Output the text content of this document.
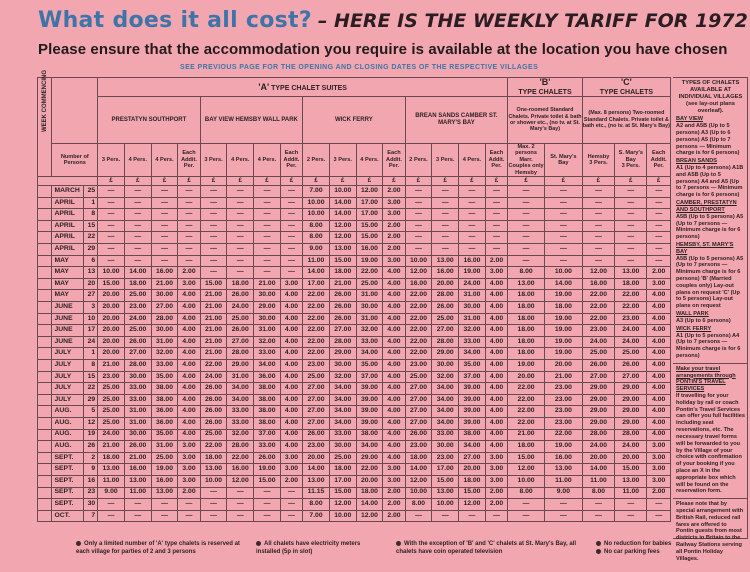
What does it all cost? – HERE IS THE WEEKLY TARIFF FOR 1972
Please ensure that the accommodation you require is available at the location you have chosen
SEE PREVIOUS PAGE FOR THE OPENING AND CLOSING DATES OF THE RESPECTIVE VILLAGES
WEEK COMMENCING			'A' TYPE CHALET SUITES																'B'
TYPE CHALETS		'C'
TYPE CHALETS		
			PRESTATYN SOUTHPORT				BAY VIEW HEMSBY WALL PARK				WICK FERRY				BREAN SANDS CAMBER ST. MARY'S BAY				One-roomed Standard Chalets. Private toilet & bath or shower etc., (no tv. at St. Mary's Bay)		(Max. 8 persons) Two-roomed Standard Chalets. Private toilet & bath etc., (no tv. at St. Mary's Bay)		
	Number of Persons		3 Pers.	4 Pers.	4 Pers.	Each Addit. Per.	3 Pers.	4 Pers.	4 Pers.	Each Addit. Per.	2 Pers.	3 Pers.	4 Pers.	Each Addit. Per.	2 Pers.	3 Pers.	4 Pers.	Each Addit. Per.	Max. 2 persons Marr. Couples only
Hemsby	St. Mary's Bay	Hemsby
3 Pers.	S. Mary's Bay
3 Pers.	Each Addit. Per.
			£	£	£	£	£	£	£	£	£	£	£	£	£	£	£	£	£	£	£	£	£
	MARCH	25	—	—	—	—	—	—	—	—	7.00	10.00	12.00	2.00	—	—	—	—	—	—	—	—	—
	APRIL	1	—	—	—	—	—	—	—	—	10.00	14.00	17.00	3.00	—	—	—	—	—	—	—	—	—
	APRIL	8	—	—	—	—	—	—	—	—	10.00	14.00	17.00	3.00	—	—	—	—	—	—	—	—	—
	APRIL	15	—	—	—	—	—	—	—	—	8.00	12.00	15.00	2.00	—	—	—	—	—	—	—	—	—
	APRIL	22	—	—	—	—	—	—	—	—	8.00	12.00	15.00	2.00	—	—	—	—	—	—	—	—	—
	APRIL	29	—	—	—	—	—	—	—	—	9.00	13.00	16.00	2.00	—	—	—	—	—	—	—	—	—
	MAY	6	—	—	—	—	—	—	—	—	11.00	15.00	19.00	3.00	10.00	13.00	16.00	2.00	—	—	—	—	—
	MAY	13	10.00	14.00	16.00	2.00	—	—	—	—	14.00	18.00	22.00	4.00	12.00	16.00	19.00	3.00	8.00	10.00	12.00	13.00	2.00
	MAY	20	15.00	18.00	21.00	3.00	15.00	18.00	21.00	3.00	17.00	21.00	25.00	4.00	16.00	20.00	24.00	4.00	13.00	14.00	16.00	18.00	3.00
	MAY	27	20.00	25.00	30.00	4.00	21.00	26.00	30.00	4.00	22.00	26.00	31.00	4.00	22.00	28.00	31.00	4.00	18.00	19.00	22.00	22.00	4.00
	JUNE	3	20.00	23.00	27.00	4.00	21.00	24.00	29.00	4.00	22.00	26.00	30.00	4.00	22.00	26.00	30.00	4.00	18.00	18.00	22.00	22.00	4.00
	JUNE	10	20.00	24.00	28.00	4.00	21.00	25.00	30.00	4.00	22.00	26.00	31.00	4.00	22.00	25.00	31.00	4.00	18.00	19.00	22.00	23.00	4.00
	JUNE	17	20.00	25.00	30.00	4.00	21.00	26.00	31.00	4.00	22.00	27.00	32.00	4.00	22.00	27.00	32.00	4.00	18.00	19.00	23.00	24.00	4.00
	JUNE	24	20.00	26.00	31.00	4.00	21.00	27.00	32.00	4.00	22.00	28.00	33.00	4.00	22.00	28.00	33.00	4.00	18.00	19.00	24.00	24.00	4.00
	JULY	1	20.00	27.00	32.00	4.00	21.00	28.00	33.00	4.00	22.00	29.00	34.00	4.00	22.00	29.00	34.00	4.00	18.00	19.00	25.00	25.00	4.00
	JULY	8	21.00	28.00	33.00	4.00	22.00	29.00	34.00	4.00	23.00	30.00	35.00	4.00	23.00	30.00	35.00	4.00	19.00	20.00	26.00	26.00	4.00
	JULY	15	23.00	30.00	35.00	4.00	24.00	31.00	36.00	4.00	25.00	32.00	37.00	4.00	25.00	32.00	37.00	4.00	20.00	21.00	27.00	27.00	4.00
	JULY	22	25.00	33.00	38.00	4.00	26.00	34.00	38.00	4.00	27.00	34.00	39.00	4.00	27.00	34.00	39.00	4.00	22.00	23.00	29.00	29.00	4.00
	JULY	29	25.00	33.00	38.00	4.00	26.00	34.00	38.00	4.00	27.00	34.00	39.00	4.00	27.00	34.00	39.00	4.00	22.00	23.00	29.00	29.00	4.00
	AUG.	5	25.00	31.00	36.00	4.00	26.00	33.00	38.00	4.00	27.00	34.00	39.00	4.00	27.00	34.00	39.00	4.00	22.00	23.00	29.00	29.00	4.00
	AUG.	12	25.00	31.00	36.00	4.00	26.00	33.00	38.00	4.00	27.00	34.00	39.00	4.00	27.00	34.00	39.00	4.00	22.00	23.00	29.00	29.00	4.00
	AUG.	19	24.00	30.00	35.00	4.00	25.00	32.00	37.00	4.00	26.00	33.00	38.00	4.00	26.00	33.00	38.00	4.00	21.00	22.00	28.00	28.00	4.00
	AUG.	26	21.00	26.00	31.00	3.00	22.00	28.00	33.00	4.00	23.00	30.00	34.00	4.00	23.00	30.00	34.00	4.00	18.00	19.00	24.00	24.00	3.00
	SEPT.	2	18.00	21.00	25.00	3.00	18.00	22.00	26.00	3.00	20.00	25.00	29.00	4.00	18.00	23.00	27.00	3.00	15.00	16.00	20.00	20.00	3.00
	SEPT.	9	13.00	16.00	19.00	3.00	13.00	16.00	19.00	3.00	14.00	18.00	22.00	3.00	14.00	17.00	20.00	3.00	12.00	13.00	14.00	15.00	3.00
	SEPT.	16	11.00	13.00	16.00	3.00	10.00	12.00	15.00	2.00	13.00	17.00	20.00	3.00	12.00	15.00	18.00	3.00	10.00	11.00	11.00	13.00	3.00
	SEPT.	23	9.00	11.00	13.00	2.00	—	—	—	—	11.15	15.00	18.00	2.00	10.00	13.00	15.00	2.00	8.00	9.00	8.00	11.00	2.00
	SEPT.	30	—	—	—	—	—	—	—	—	8.00	12.00	14.00	2.00	8.00	10.00	12.00	2.00	—	—	—	—	—
	OCT.	7	—	—	—	—	—	—	—	—	7.00	10.00	12.00	2.00	—	—	—	—	—	—	—	—	—
TYPES OF CHALETS AVAILABLE AT INDIVIDUAL VILLAGES (see lay-out plans overleaf).
BAY VIEW
A2 and A5B (Up to 5 persons) A3 (Up to 6 persons) A5 (Up to 7 persons — Minimum charge is for 6 persons)
BREAN SANDS
A1 (Up to 4 persons) A1B and A5B (Up to 5 persons) A4 and A5 (Up to 7 persons — Minimum charge is for 6 persons)
CAMBER, PRESTATYN AND SOUTHPORT
A5B (Up to 5 persons) A5 (Up to 7 persons — Minimum charge is for 6 persons)
HEMSBY, ST. MARY'S BAY
A5B (Up to 5 persons) A5 (Up to 7 persons — Minimum charge is for 6 persons) 'B' (Married couples only) Lay-out plans on request 'C' (Up to 5 persons) Lay-out plans on request
WALL PARK
A3 (Up to 6 persons)
WICK FERRY
A1 (Up to 5 persons) A4 (Up to 7 persons — Minimum charge is for 6 persons)
Make your travel arrangements through PONTIN'S TRAVEL SERVICES
If travelling for your holiday by rail or coach Pontin's Travel Services can offer you full facilities including seat reservations, etc. The necessary travel forms will be forwarded to you by the Village of your choice with confirmation of your booking if you place an X in the appropriate box which will be found on the reservation form.
Please note that by special arrangement with British Rail, reduced rail fares are offered to Pontin guests from most districts in Britain to the Railway Stations serving all Pontin Holiday Villages.
Only a limited number of 'A' type chalets is reserved at each village for parties of 2 and 3 persons
All chalets have electricity meters installed (5p in slot)
With the exception of 'B' and 'C' chalets at St. Mary's Bay, all chalets have coin operated television
No reduction for babies
No car parking fees
